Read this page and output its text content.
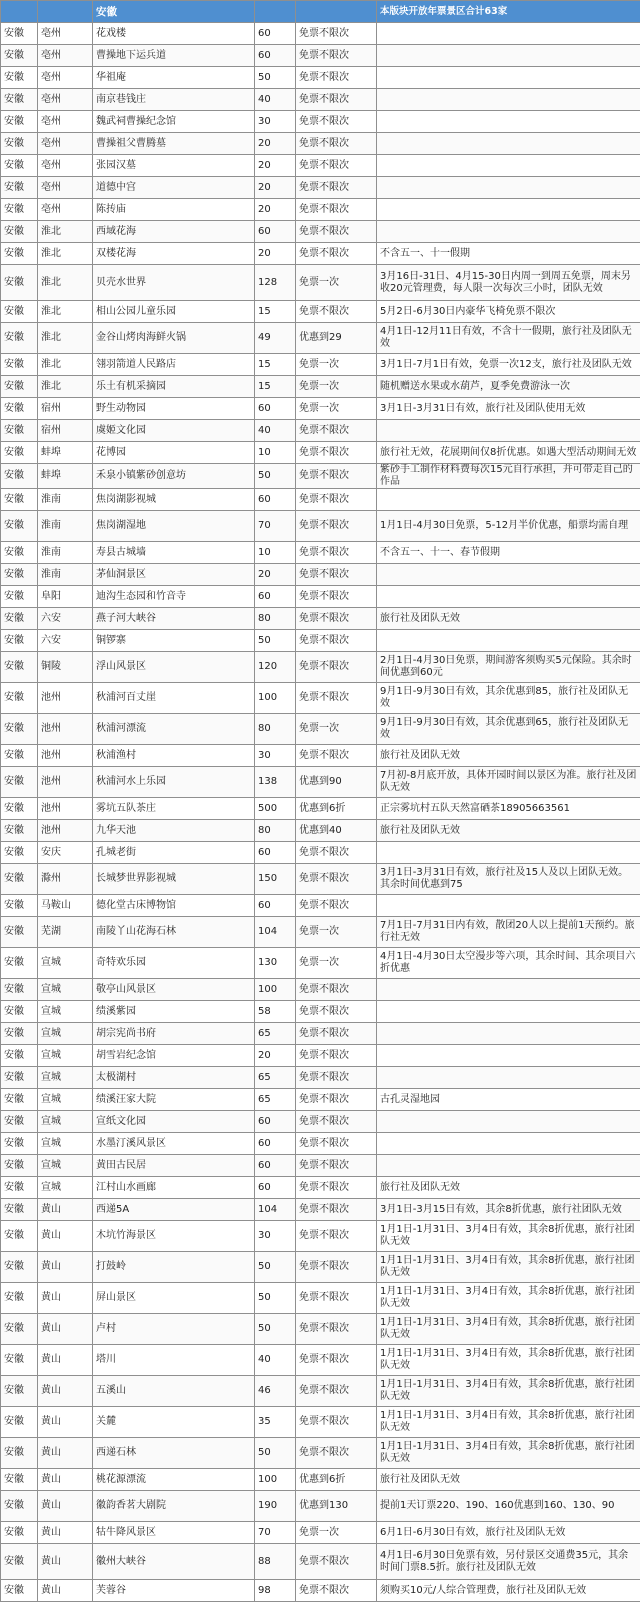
		安徽			本版块开放年票景区合计63家
安徽	亳州	花戏楼	60	免票不限次	
安徽	亳州	曹操地下运兵道	60	免票不限次	
安徽	亳州	华祖庵	50	免票不限次	
安徽	亳州	南京巷钱庄	40	免票不限次	
安徽	亳州	魏武祠曹操纪念馆	30	免票不限次	
安徽	亳州	曹操祖父曹腾墓	20	免票不限次	
安徽	亳州	张园汉墓	20	免票不限次	
安徽	亳州	道德中宫	20	免票不限次	
安徽	亳州	陈抟庙	20	免票不限次	
安徽	淮北	西域花海	60	免票不限次	
安徽	淮北	双楼花海	20	免票不限次	不含五一、十一假期
安徽	淮北	贝壳水世界	128	免票一次	3月16日-31日、4月15-30日内周一到周五免票，周末另收20元管理费，每人限一次每次三小时，团队无效
安徽	淮北	相山公园儿童乐园	15	免票不限次	5月2日-6月30日内豪华飞椅免票不限次
安徽	淮北	金谷山烤肉海鲜火锅	49	优惠到29	4月1日-12月11日有效，不含十一假期，旅行社及团队无效
安徽	淮北	翎羽箭道人民路店	15	免票一次	3月1日-7月1日有效，免票一次12支，旅行社及团队无效
安徽	淮北	乐土有机采摘园	15	免票一次	随机赠送水果或水葫芦，夏季免费游泳一次
安徽	宿州	野生动物园	60	免票一次	3月1日-3月31日有效，旅行社及团队使用无效
安徽	宿州	虞姬文化园	40	免票不限次	
安徽	蚌埠	花博园	10	免票不限次	旅行社无效，花展期间仅8折优惠。如遇大型活动期间无效
安徽	蚌埠	禾泉小镇紫砂创意坊	50	免票不限次	紫砂手工制作材料费每次15元自行承担，并可带走自己的作品
安徽	淮南	焦岗湖影视城	60	免票不限次	
安徽	淮南	焦岗湖湿地	70	免票不限次	1月1日-4月30日免票，5-12月半价优惠，船票均需自理
安徽	淮南	寿县古城墙	10	免票不限次	不含五一、十一、春节假期
安徽	淮南	茅仙洞景区	20	免票不限次	
安徽	阜阳	迪沟生态园和竹音寺	60	免票不限次	
安徽	六安	燕子河大峡谷	80	免票不限次	旅行社及团队无效
安徽	六安	铜锣寨	50	免票不限次	
安徽	铜陵	浮山风景区	120	免票不限次	2月1日-4月30日免票，期间游客须购买5元保险。其余时间优惠到60元
安徽	池州	秋浦河百丈崖	100	免票不限次	9月1日-9月30日有效，其余优惠到85，旅行社及团队无效
安徽	池州	秋浦河漂流	80	免票一次	9月1日-9月30日有效，其余优惠到65，旅行社及团队无效
安徽	池州	秋浦渔村	30	免票不限次	旅行社及团队无效
安徽	池州	秋浦河水上乐园	138	优惠到90	7月初-8月底开放，具体开园时间以景区为准。旅行社及团队无效
安徽	池州	雾坑五队茶庄	500	优惠到6折	正宗雾坑村五队天然富硒茶18905663561
安徽	池州	九华天池	80	优惠到40	旅行社及团队无效
安徽	安庆	孔城老街	60	免票不限次	
安徽	滁州	长城梦世界影视城	150	免票不限次	3月1日-3月31日有效，旅行社及15人及以上团队无效。其余时间优惠到75
安徽	马鞍山	德化堂古床博物馆	60	免票不限次	
安徽	芜湖	南陵丫山花海石林	104	免票一次	7月1日-7月31日内有效，散团20人以上提前1天预约。旅行社无效
安徽	宣城	奇特欢乐园	130	免票一次	4月1日-4月30日太空漫步等六项，其余时间、其余项目六折优惠
安徽	宣城	敬亭山风景区	100	免票不限次	
安徽	宣城	绩溪紫园	58	免票不限次	
安徽	宣城	胡宗宪尚书府	65	免票不限次	
安徽	宣城	胡雪岩纪念馆	20	免票不限次	
安徽	宣城	太极湖村	65	免票不限次	
安徽	宣城	绩溪汪家大院	65	免票不限次	古孔灵湿地园
安徽	宣城	宣纸文化园	60	免票不限次	
安徽	宣城	水墨汀溪风景区	60	免票不限次	
安徽	宣城	黄田古民居	60	免票不限次	
安徽	宣城	江村山水画廊	60	免票不限次	旅行社及团队无效
安徽	黄山	西递5A	104	免票不限次	3月1日-3月15日有效，其余8折优惠，旅行社团队无效
安徽	黄山	木坑竹海景区	30	免票不限次	1月1日-1月31日、3月4日有效，其余8折优惠，旅行社团队无效
安徽	黄山	打鼓岭	50	免票不限次	1月1日-1月31日、3月4日有效，其余8折优惠，旅行社团队无效
安徽	黄山	屏山景区	50	免票不限次	1月1日-1月31日、3月4日有效，其余8折优惠，旅行社团队无效
安徽	黄山	卢村	50	免票不限次	1月1日-1月31日、3月4日有效，其余8折优惠，旅行社团队无效
安徽	黄山	塔川	40	免票不限次	1月1日-1月31日、3月4日有效，其余8折优惠，旅行社团队无效
安徽	黄山	五溪山	46	免票不限次	1月1日-1月31日、3月4日有效，其余8折优惠，旅行社团队无效
安徽	黄山	关麓	35	免票不限次	1月1日-1月31日、3月4日有效，其余8折优惠，旅行社团队无效
安徽	黄山	西递石林	50	免票不限次	1月1日-1月31日、3月4日有效，其余8折优惠，旅行社团队无效
安徽	黄山	桃花源漂流	100	优惠到6折	旅行社及团队无效
安徽	黄山	徽韵香茗大剧院	190	优惠到130	提前1天订票220、190、160优惠到160、130、90
安徽	黄山	牯牛降风景区	70	免票一次	6月1日-6月30日有效，旅行社及团队无效
安徽	黄山	徽州大峡谷	88	免票不限次	4月1日-6月30日免票有效，另付景区交通费35元，其余时间门票8.5折。旅行社及团队无效
安徽	黄山	芙蓉谷	98	免票不限次	须购买10元/人综合管理费，旅行社及团队无效
